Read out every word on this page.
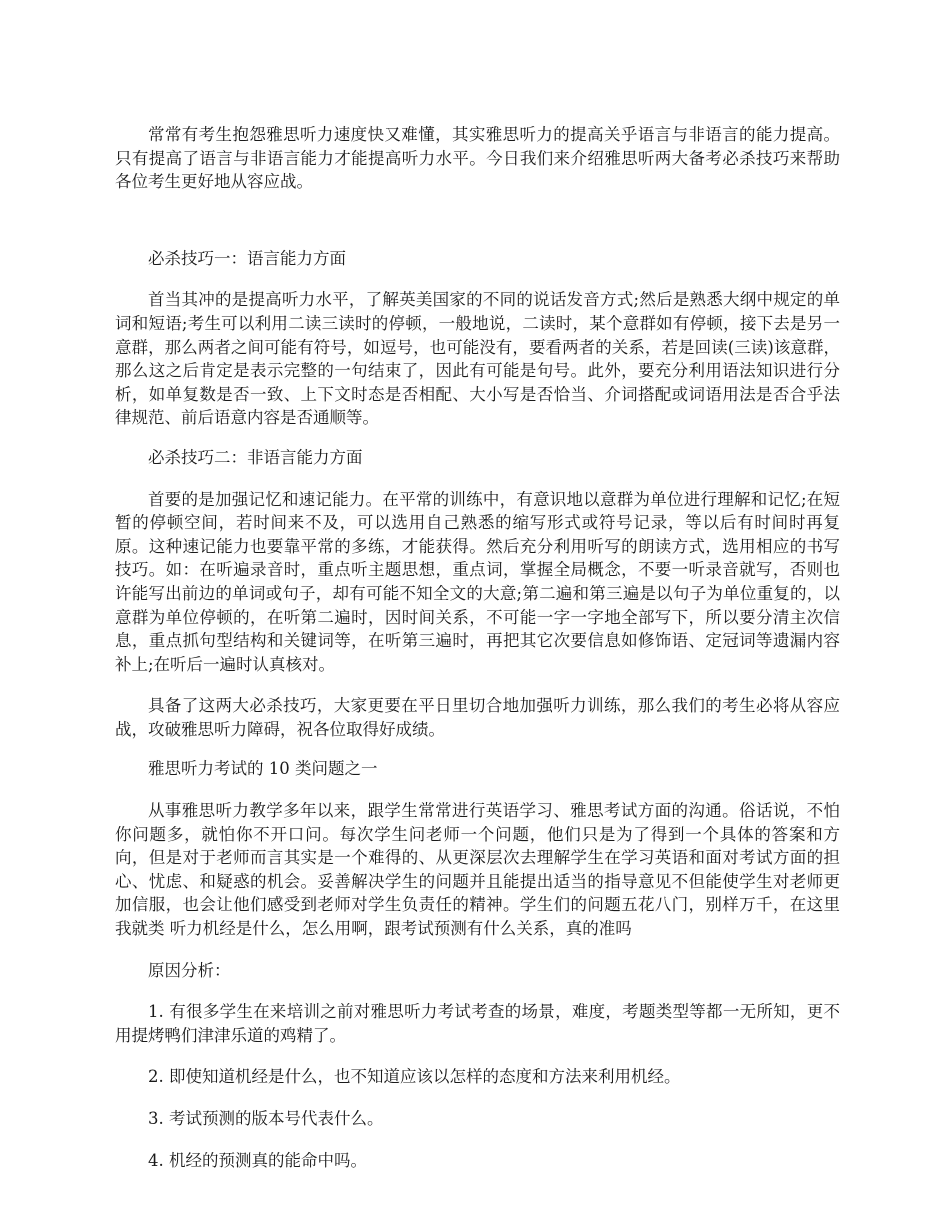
常常有考生抱怨雅思听力速度快又难懂，其实雅思听力的提高关乎语言与非语言的能力提高。只有提高了语言与非语言能力才能提高听力水平。今日我们来介绍雅思听两大备考必杀技巧来帮助各位考生更好地从容应战。

必杀技巧一：语言能力方面

首当其冲的是提高听力水平，了解英美国家的不同的说话发音方式;然后是熟悉大纲中规定的单词和短语;考生可以利用二读三读时的停顿，一般地说，二读时，某个意群如有停顿，接下去是另一意群，那么两者之间可能有符号，如逗号，也可能没有，要看两者的关系，若是回读(三读)该意群，那么这之后肯定是表示完整的一句结束了，因此有可能是句号。此外，要充分利用语法知识进行分析，如单复数是否一致、上下文时态是否相配、大小写是否恰当、介词搭配或词语用法是否合乎法律规范、前后语意内容是否通顺等。

必杀技巧二：非语言能力方面

首要的是加强记忆和速记能力。在平常的训练中，有意识地以意群为单位进行理解和记忆;在短暂的停顿空间，若时间来不及，可以选用自己熟悉的缩写形式或符号记录，等以后有时间时再复原。这种速记能力也要靠平常的多练，才能获得。然后充分利用听写的朗读方式，选用相应的书写技巧。如：在听遍录音时，重点听主题思想，重点词，掌握全局概念，不要一听录音就写，否则也许能写出前边的单词或句子，却有可能不知全文的大意;第二遍和第三遍是以句子为单位重复的，以意群为单位停顿的，在听第二遍时，因时间关系，不可能一字一字地全部写下，所以要分清主次信息，重点抓句型结构和关键词等，在听第三遍时，再把其它次要信息如修饰语、定冠词等遗漏内容补上;在听后一遍时认真核对。

具备了这两大必杀技巧，大家更要在平日里切合地加强听力训练，那么我们的考生必将从容应战，攻破雅思听力障碍，祝各位取得好成绩。

雅思听力考试的 10 类问题之一

从事雅思听力教学多年以来，跟学生常常进行英语学习、雅思考试方面的沟通。俗话说，不怕你问题多，就怕你不开口问。每次学生问老师一个问题，他们只是为了得到一个具体的答案和方向，但是对于老师而言其实是一个难得的、从更深层次去理解学生在学习英语和面对考试方面的担心、忧虑、和疑惑的机会。妥善解决学生的问题并且能提出适当的指导意见不但能使学生对老师更加信服，也会让他们感受到老师对学生负责任的精神。学生们的问题五花八门，别样万千，在这里我就类 听力机经是什么，怎么用啊，跟考试预测有什么关系，真的准吗

原因分析：

1. 有很多学生在来培训之前对雅思听力考试考查的场景，难度，考题类型等都一无所知，更不用提烤鸭们津津乐道的鸡精了。

2. 即使知道机经是什么，也不知道应该以怎样的态度和方法来利用机经。

3. 考试预测的版本号代表什么。

4. 机经的预测真的能命中吗。
